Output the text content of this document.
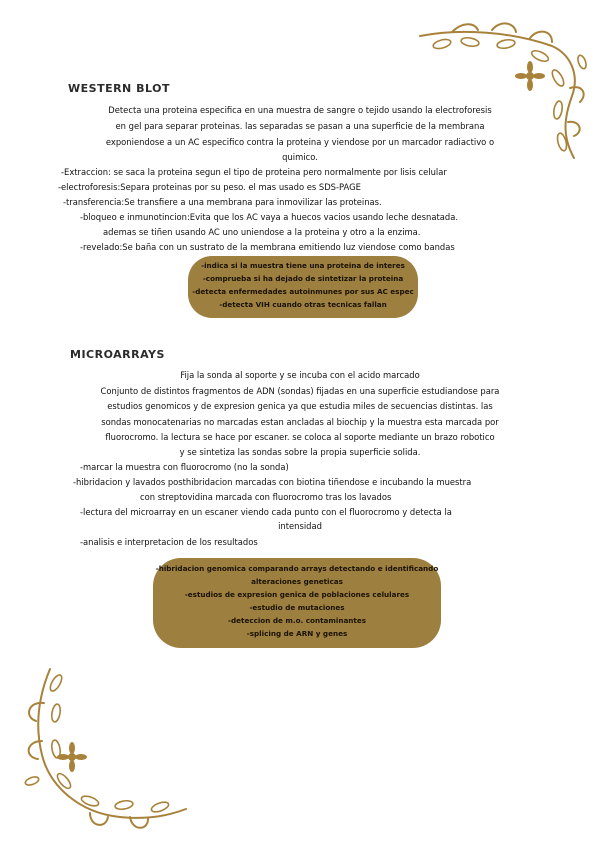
WESTERN BLOT
Detecta una proteina especifica en una muestra de sangre o tejido usando la electroforesis
en gel para separar proteinas. las separadas se pasan a una superficie de la membrana
exponiendose a un AC especifico contra la proteina y viendose por un marcador radiactivo o
quimico.
-Extraccion: se saca la proteina segun el tipo de proteina pero normalmente por lisis celular
-electroforesis:Separa proteinas por su peso. el mas usado es SDS-PAGE
-transferencia:Se transfiere a una membrana para inmovilizar las proteinas.
-bloqueo e inmunotincion:Evita que los AC vaya a huecos vacios usando leche desnatada.
ademas se tiñen usando AC uno uniendose a la proteina y otro a la enzima.
-revelado:Se baña con un sustrato de la membrana emitiendo luz viendose como bandas
-indica si la muestra tiene una proteina de interes
-comprueba si ha dejado de sintetizar la proteina
-detecta enfermedades autoinmunes por sus AC espec
-detecta VIH cuando otras tecnicas fallan
MICROARRAYS
Fija la sonda al soporte y se incuba con el acido marcado
Conjunto de distintos fragmentos de ADN (sondas) fijadas en una superficie estudiandose para
estudios genomicos y de expresion genica ya que estudia miles de secuencias distintas. las
sondas monocatenarias no marcadas estan ancladas al biochip y la muestra esta marcada por
fluorocromo. la lectura se hace por escaner. se coloca al soporte mediante un brazo robotico
y se sintetiza las sondas sobre la propia superficie solida.
-marcar la muestra con fluorocromo (no la sonda)
-hibridacion y lavados posthibridacion marcadas con biotina tiñendose e incubando la muestra
con streptovidina marcada con fluorocromo tras los lavados
-lectura del microarray en un escaner viendo cada punto con el fluorocromo y detecta la
intensidad
-analisis e interpretacion de los resultados
-hibridacion genomica comparando arrays detectando e identificando
alteraciones geneticas
-estudios de expresion genica de poblaciones celulares
-estudio de mutaciones
-deteccion de m.o. contaminantes
-splicing de ARN y genes
